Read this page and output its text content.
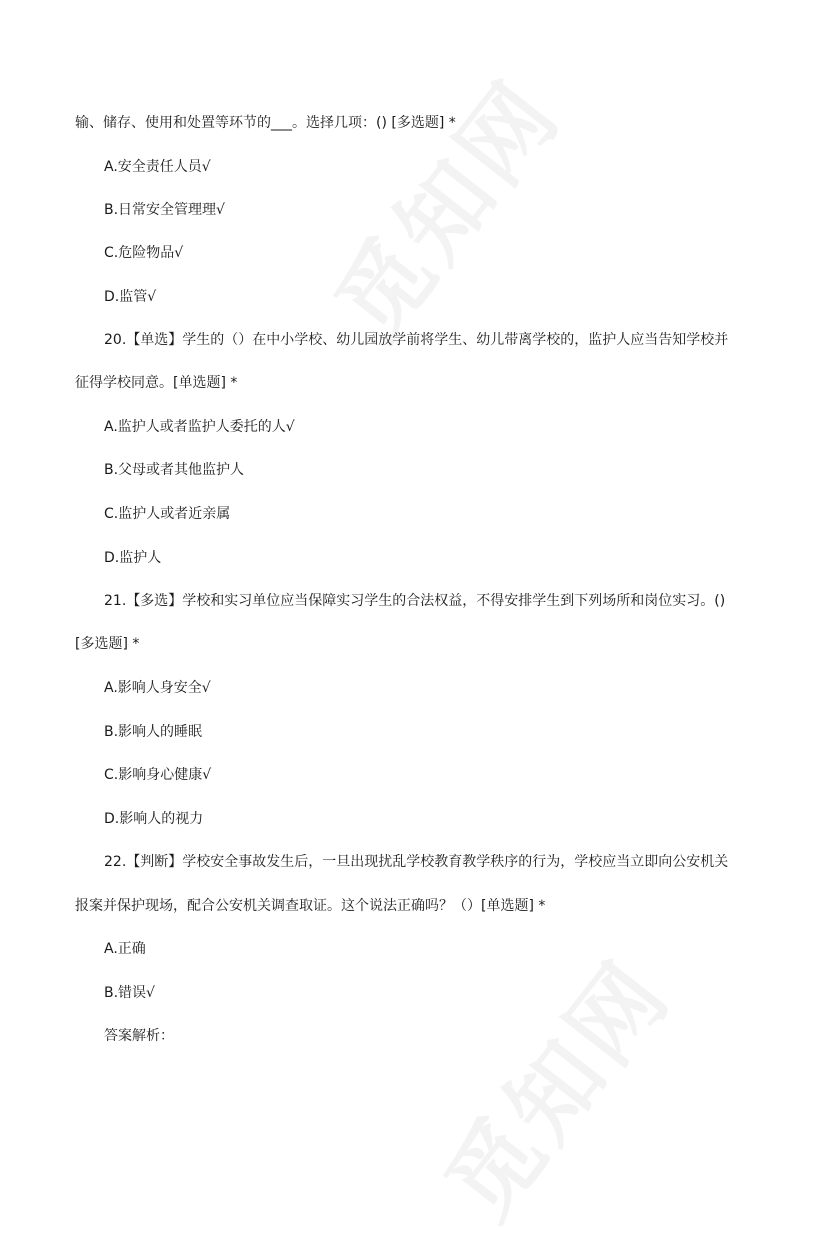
输、储存、使用和处置等环节的___。选择几项：() [多选题] *
A.安全责任人员√
B.日常安全管理理√
C.危险物品√
D.监管√
20.【单选】学生的（）在中小学校、幼儿园放学前将学生、幼儿带离学校的，监护人应当告知学校并
征得学校同意。[单选题] *
A.监护人或者监护人委托的人√
B.父母或者其他监护人
C.监护人或者近亲属
D.监护人
21.【多选】学校和实习单位应当保障实习学生的合法权益，不得安排学生到下列场所和岗位实习。()
[多选题] *
A.影响人身安全√
B.影响人的睡眠
C.影响身心健康√
D.影响人的视力
22.【判断】学校安全事故发生后，一旦出现扰乱学校教育教学秩序的行为，学校应当立即向公安机关
报案并保护现场，配合公安机关调查取证。这个说法正确吗？（）[单选题] *
A.正确
B.错误√
答案解析：
